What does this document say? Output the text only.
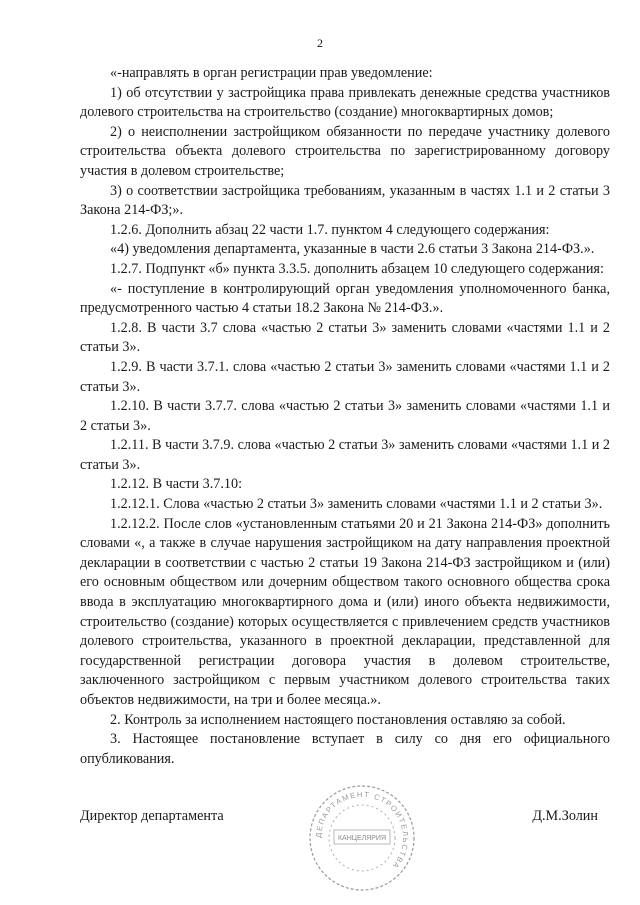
2

«-направлять в орган регистрации прав уведомление:

1) об отсутствии у застройщика права привлекать денежные средства участников долевого строительства на строительство (создание) многоквартирных домов;

2) о неисполнении застройщиком обязанности по передаче участнику долевого строительства объекта долевого строительства по зарегистрированному договору участия в долевом строительстве;

3) о соответствии застройщика требованиям, указанным в частях 1.1 и 2 статьи 3 Закона 214-ФЗ;».

1.2.6. Дополнить абзац 22 части 1.7. пунктом 4 следующего содержания:

«4) уведомления департамента, указанные в части 2.6 статьи 3 Закона 214-ФЗ.».

1.2.7. Подпункт «б» пункта 3.3.5. дополнить абзацем 10 следующего содержания:

«- поступление в контролирующий орган уведомления уполномоченного банка, предусмотренного частью 4 статьи 18.2 Закона № 214-ФЗ.».

1.2.8. В части 3.7 слова «частью 2 статьи 3» заменить словами «частями 1.1 и 2 статьи 3».

1.2.9. В части 3.7.1. слова «частью 2 статьи 3» заменить словами «частями 1.1 и 2 статьи 3».

1.2.10. В части 3.7.7. слова «частью 2 статьи 3» заменить словами «частями 1.1 и 2 статьи 3».

1.2.11. В части 3.7.9. слова «частью 2 статьи 3» заменить словами «частями 1.1 и 2 статьи 3».

1.2.12. В части 3.7.10:

1.2.12.1. Слова «частью 2 статьи 3» заменить словами «частями 1.1 и 2 статьи 3».

1.2.12.2. После слов «установленным статьями 20 и 21 Закона 214-ФЗ» дополнить словами «, а также в случае нарушения застройщиком на дату направления проектной декларации в соответствии с частью 2 статьи 19 Закона 214-ФЗ застройщиком и (или) его основным обществом или дочерним обществом такого основного общества срока ввода в эксплуатацию многоквартирного дома и (или) иного объекта недвижимости, строительство (создание) которых осуществляется с привлечением средств участников долевого строительства, указанного в проектной декларации, представленной для государственной регистрации договора участия в долевом строительстве, заключенного застройщиком с первым участником долевого строительства таких объектов недвижимости, на три и более месяца.».

2. Контроль за исполнением настоящего постановления оставляю за собой.

3. Настоящее постановление вступает в силу со дня его официального опубликования.

ДЕПАРТАМЕНТ СТРОИТЕЛЬСТВА
КАНЦЕЛЯРИЯ
Директор департамента	Д.М.Золин
